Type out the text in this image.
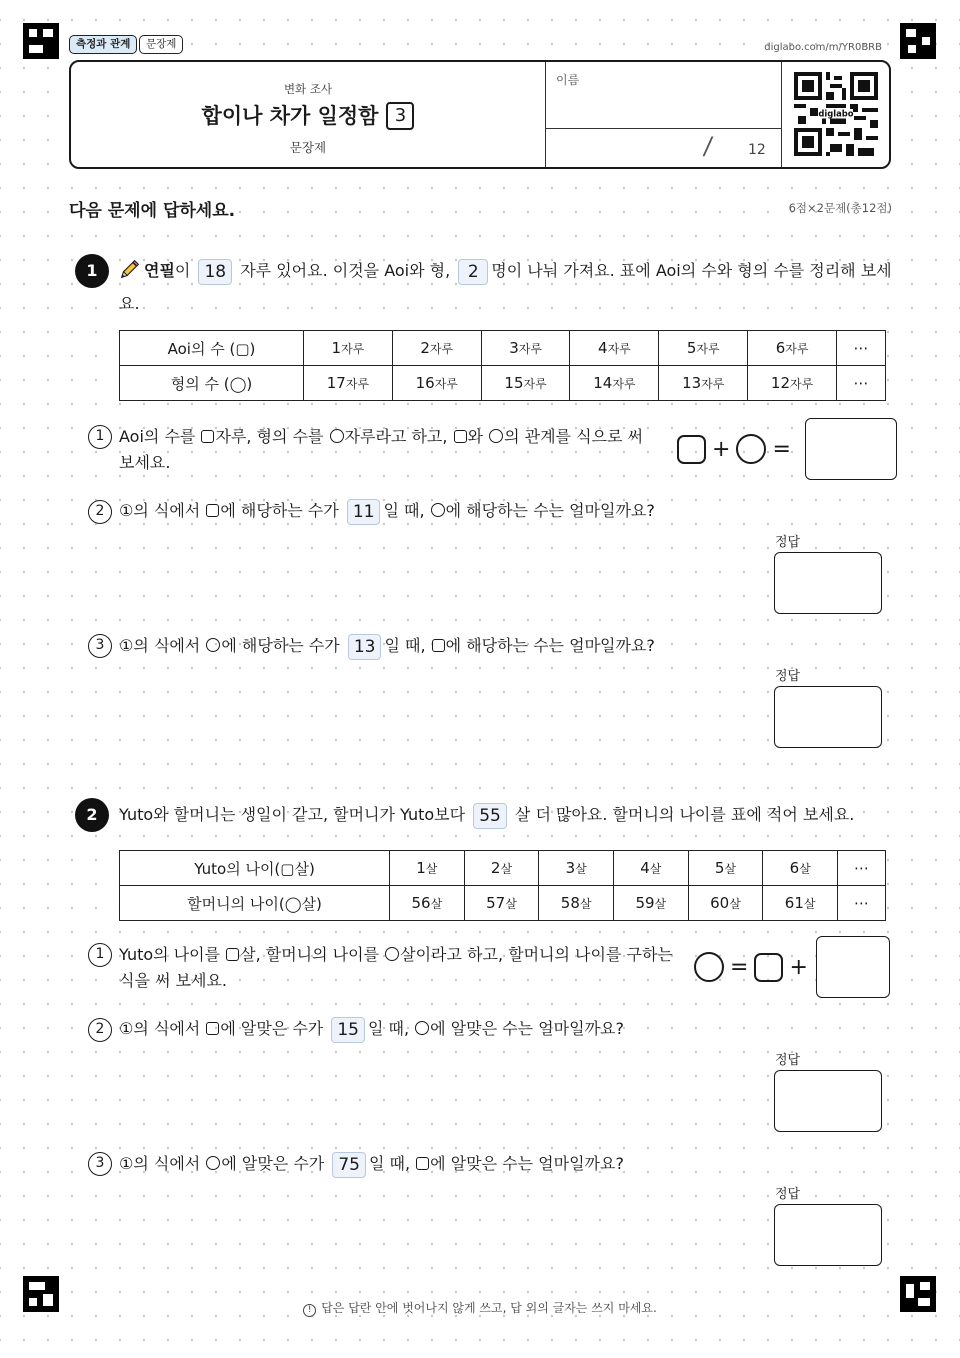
측정과 관계	문장제	diglabo.com/m/YR0BRB
변화 조사
합이나 차가 일정함 3
문장제
이름
/ 12
diglabo
다음 문제에 답하세요.	6점×2문제(총12점)
1	연필이 18 자루 있어요. 이것을 Aoi와 형, 2 명이 나눠 가져요. 표에 Aoi의 수와 형의 수를 정리해 보세
요.
Aoi의 수 (▢)	1자루	2자루	3자루	4자루	5자루	6자루	⋯
형의 수 (◯)	17자루	16자루	15자루	14자루	13자루	12자루	⋯
1 Aoi의 수를 자루, 형의 수를 자루라고 하고, 와 의 관계를 식으로 써
보세요.
+ =
2 ①의 식에서 에 해당하는 수가 11 일 때, 에 해당하는 수는 얼마일까요?
정답
3 ①의 식에서 에 해당하는 수가 13 일 때, 에 해당하는 수는 얼마일까요?
정답
2	Yuto와 할머니는 생일이 같고, 할머니가 Yuto보다 55 살 더 많아요. 할머니의 나이를 표에 적어 보세요.
Yuto의 나이(▢살)	1살	2살	3살	4살	5살	6살	⋯
할머니의 나이(◯살)	56살	57살	58살	59살	60살	61살	⋯
1 Yuto의 나이를 살, 할머니의 나이를 살이라고 하고, 할머니의 나이를 구하는
식을 써 보세요.
= +
2 ①의 식에서 에 알맞은 수가 15 일 때, 에 알맞은 수는 얼마일까요?
정답
3 ①의 식에서 에 알맞은 수가 75 일 때, 에 알맞은 수는 얼마일까요?
정답
! 답은 답란 안에 벗어나지 않게 쓰고, 답 외의 글자는 쓰지 마세요.
